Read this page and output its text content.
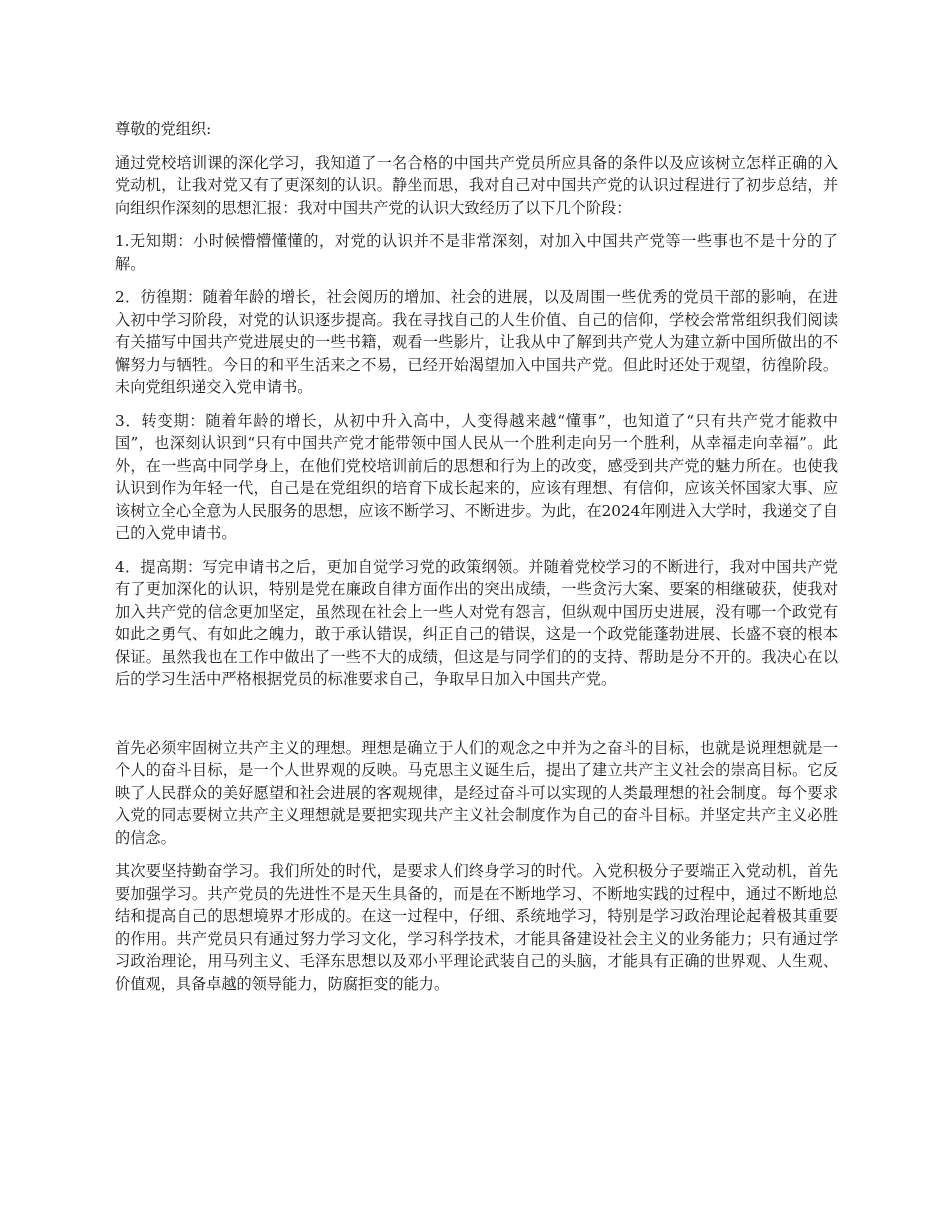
尊敬的党组织:

通过党校培训课的深化学习，我知道了一名合格的中国共产党员所应具备的条件以及应该树立怎样正确的入党动机，让我对党又有了更深刻的认识。静坐而思，我对自己对中国共产党的认识过程进行了初步总结，并向组织作深刻的思想汇报：我对中国共产党的认识大致经历了以下几个阶段：

1.无知期：小时候懵懵懂懂的，对党的认识并不是非常深刻，对加入中国共产党等一些事也不是十分的了解。

2．彷徨期：随着年龄的增长，社会阅历的增加、社会的进展，以及周围一些优秀的党员干部的影响，在进入初中学习阶段，对党的认识逐步提高。我在寻找自己的人生价值、自己的信仰，学校会常常组织我们阅读有关描写中国共产党进展史的一些书籍，观看一些影片，让我从中了解到共产党人为建立新中国所做出的不懈努力与牺牲。今日的和平生活来之不易，已经开始渴望加入中国共产党。但此时还处于观望，彷徨阶段。未向党组织递交入党申请书。

3．转变期：随着年龄的增长，从初中升入高中，人变得越来越“懂事”，也知道了“只有共产党才能救中国”，也深刻认识到“只有中国共产党才能带领中国人民从一个胜利走向另一个胜利，从幸福走向幸福”。此外，在一些高中同学身上，在他们党校培训前后的思想和行为上的改变，感受到共产党的魅力所在。也使我认识到作为年轻一代，自己是在党组织的培育下成长起来的，应该有理想、有信仰，应该关怀国家大事、应该树立全心全意为人民服务的思想，应该不断学习、不断进步。为此，在2024年刚进入大学时，我递交了自己的入党申请书。

4．提高期：写完申请书之后，更加自觉学习党的政策纲领。并随着党校学习的不断进行，我对中国共产党有了更加深化的认识，特别是党在廉政自律方面作出的突出成绩，一些贪污大案、要案的相继破获，使我对加入共产党的信念更加坚定，虽然现在社会上一些人对党有怨言，但纵观中国历史进展，没有哪一个政党有如此之勇气、有如此之魄力，敢于承认错误，纠正自己的错误，这是一个政党能蓬勃进展、长盛不衰的根本保证。虽然我也在工作中做出了一些不大的成绩，但这是与同学们的的支持、帮助是分不开的。我决心在以后的学习生活中严格根据党员的标准要求自己，争取早日加入中国共产党。

首先必须牢固树立共产主义的理想。理想是确立于人们的观念之中并为之奋斗的目标，也就是说理想就是一个人的奋斗目标，是一个人世界观的反映。马克思主义诞生后，提出了建立共产主义社会的崇高目标。它反映了人民群众的美好愿望和社会进展的客观规律，是经过奋斗可以实现的人类最理想的社会制度。每个要求入党的同志要树立共产主义理想就是要把实现共产主义社会制度作为自己的奋斗目标。并坚定共产主义必胜的信念。

其次要坚持勤奋学习。我们所处的时代，是要求人们终身学习的时代。入党积极分子要端正入党动机，首先要加强学习。共产党员的先进性不是天生具备的，而是在不断地学习、不断地实践的过程中，通过不断地总结和提高自己的思想境界才形成的。在这一过程中，仔细、系统地学习，特别是学习政治理论起着极其重要的作用。共产党员只有通过努力学习文化，学习科学技术，才能具备建设社会主义的业务能力；只有通过学习政治理论，用马列主义、毛泽东思想以及邓小平理论武装自己的头脑，才能具有正确的世界观、人生观、价值观，具备卓越的领导能力，防腐拒变的能力。
